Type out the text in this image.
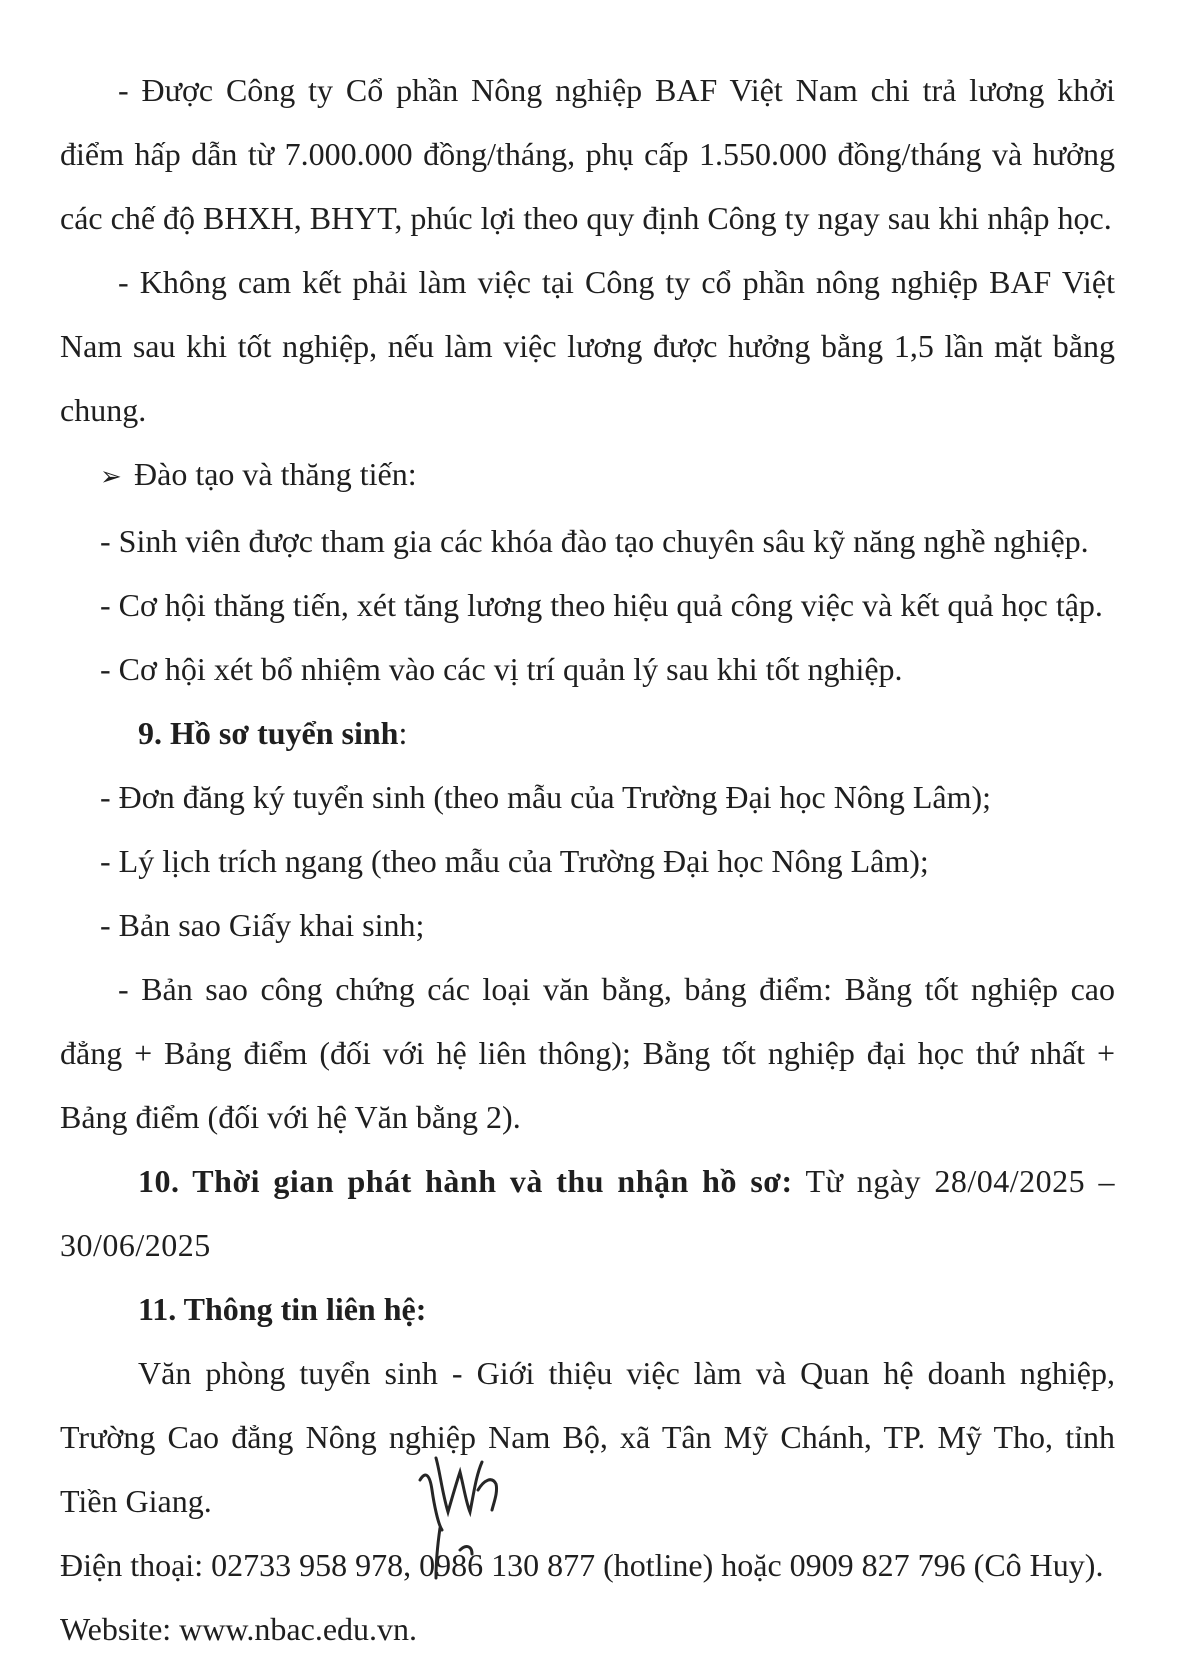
- Được Công ty Cổ phần Nông nghiệp BAF Việt Nam chi trả lương khởi điểm hấp dẫn từ 7.000.000 đồng/tháng, phụ cấp 1.550.000 đồng/tháng và hưởng các chế độ BHXH, BHYT, phúc lợi theo quy định Công ty ngay sau khi nhập học.

- Không cam kết phải làm việc tại Công ty cổ phần nông nghiệp BAF Việt Nam sau khi tốt nghiệp, nếu làm việc lương được hưởng bằng 1,5 lần mặt bằng chung.

➢ Đào tạo và thăng tiến:

- Sinh viên được tham gia các khóa đào tạo chuyên sâu kỹ năng nghề nghiệp.

- Cơ hội thăng tiến, xét tăng lương theo hiệu quả công việc và kết quả học tập.

- Cơ hội xét bổ nhiệm vào các vị trí quản lý sau khi tốt nghiệp.

9. Hồ sơ tuyển sinh:

- Đơn đăng ký tuyển sinh (theo mẫu của Trường Đại học Nông Lâm);

- Lý lịch trích ngang (theo mẫu của Trường Đại học Nông Lâm);

- Bản sao Giấy khai sinh;

- Bản sao công chứng các loại văn bằng, bảng điểm: Bằng tốt nghiệp cao đẳng + Bảng điểm (đối với hệ liên thông); Bằng tốt nghiệp đại học thứ nhất + Bảng điểm (đối với hệ Văn bằng 2).

10. Thời gian phát hành và thu nhận hồ sơ: Từ ngày 28/04/2025 – 30/06/2025

11. Thông tin liên hệ:

Văn phòng tuyển sinh - Giới thiệu việc làm và Quan hệ doanh nghiệp, Trường Cao đẳng Nông nghiệp Nam Bộ, xã Tân Mỹ Chánh, TP. Mỹ Tho, tỉnh Tiền Giang.

Điện thoại: 02733 958 978, 0986 130 877 (hotline) hoặc 0909 827 796 (Cô Huy).

Website: www.nbac.edu.vn.
